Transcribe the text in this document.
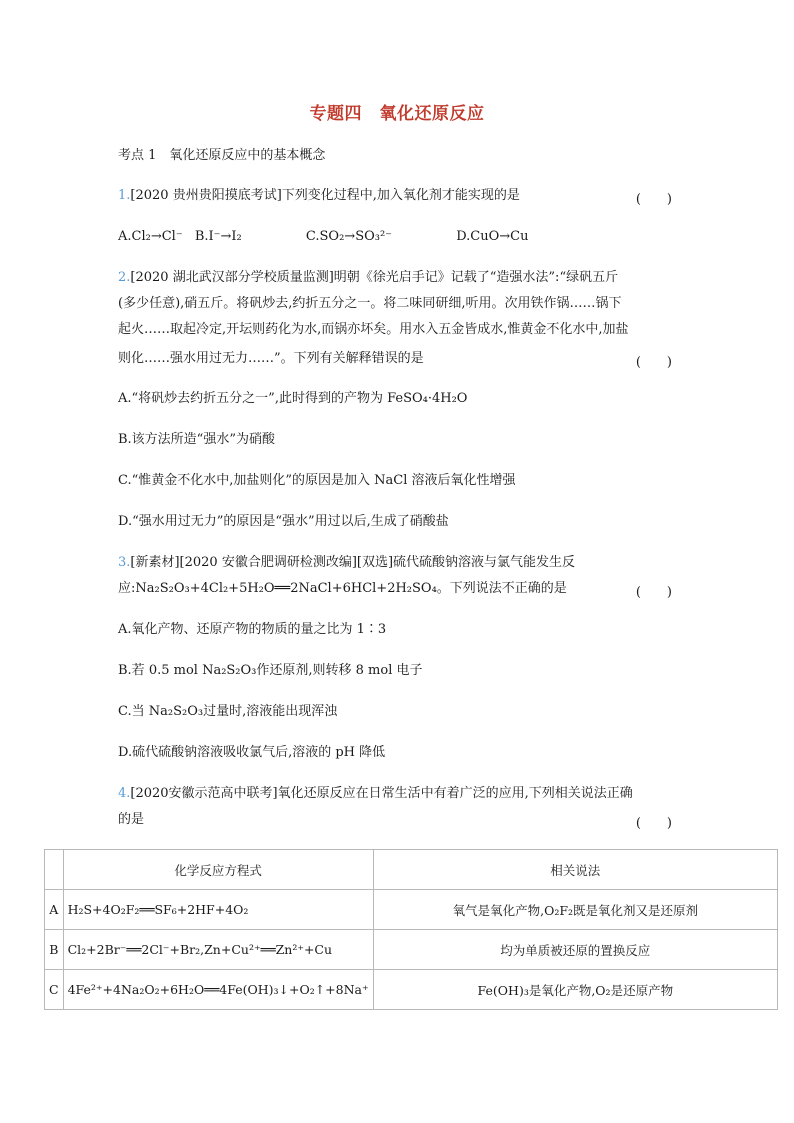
专题四　氧化还原反应
考点 1　氧化还原反应中的基本概念
1.[2020 贵州贵阳摸底考试]下列变化过程中,加入氧化剂才能实现的是	(　　)
A.Cl₂→Cl⁻ B.I⁻→I₂	C.SO₂→SO₃²⁻	D.CuO→Cu
2.[2020 湖北武汉部分学校质量监测]明朝《徐光启手记》记载了“造强水法”:“绿矾五斤
(多少任意),硝五斤。将矾炒去,约折五分之一。将二味同研细,听用。次用铁作锅……锅下
起火……取起冷定,开坛则药化为水,而锅亦坏矣。用水入五金皆成水,惟黄金不化水中,加盐
则化……强水用过无力……”。下列有关解释错误的是	(　　)
A.“将矾炒去约折五分之一”,此时得到的产物为 FeSO₄·4H₂O
B.该方法所造“强水”为硝酸
C.“惟黄金不化水中,加盐则化”的原因是加入 NaCl 溶液后氧化性增强
D.“强水用过无力”的原因是“强水”用过以后,生成了硝酸盐
3.[新素材][2020 安徽合肥调研检测改编][双选]硫代硫酸钠溶液与氯气能发生反
应:Na₂S₂O₃+4Cl₂+5H₂O══2NaCl+6HCl+2H₂SO₄。下列说法不正确的是	(　　)
A.氧化产物、还原产物的物质的量之比为 1∶3
B.若 0.5 mol Na₂S₂O₃作还原剂,则转移 8 mol 电子
C.当 Na₂S₂O₃过量时,溶液能出现浑浊
D.硫代硫酸钠溶液吸收氯气后,溶液的 pH 降低
4.[2020安徽示范高中联考]氧化还原反应在日常生活中有着广泛的应用,下列相关说法正确
的是	(　　)
	化学反应方程式	相关说法
A	H₂S+4O₂F₂══SF₆+2HF+4O₂	氧气是氧化产物,O₂F₂既是氧化剂又是还原剂
B	Cl₂+2Br⁻══2Cl⁻+Br₂,Zn+Cu²⁺══Zn²⁺+Cu	均为单质被还原的置换反应
C	4Fe²⁺+4Na₂O₂+6H₂O══4Fe(OH)₃↓+O₂↑+8Na⁺	Fe(OH)₃是氧化产物,O₂是还原产物
